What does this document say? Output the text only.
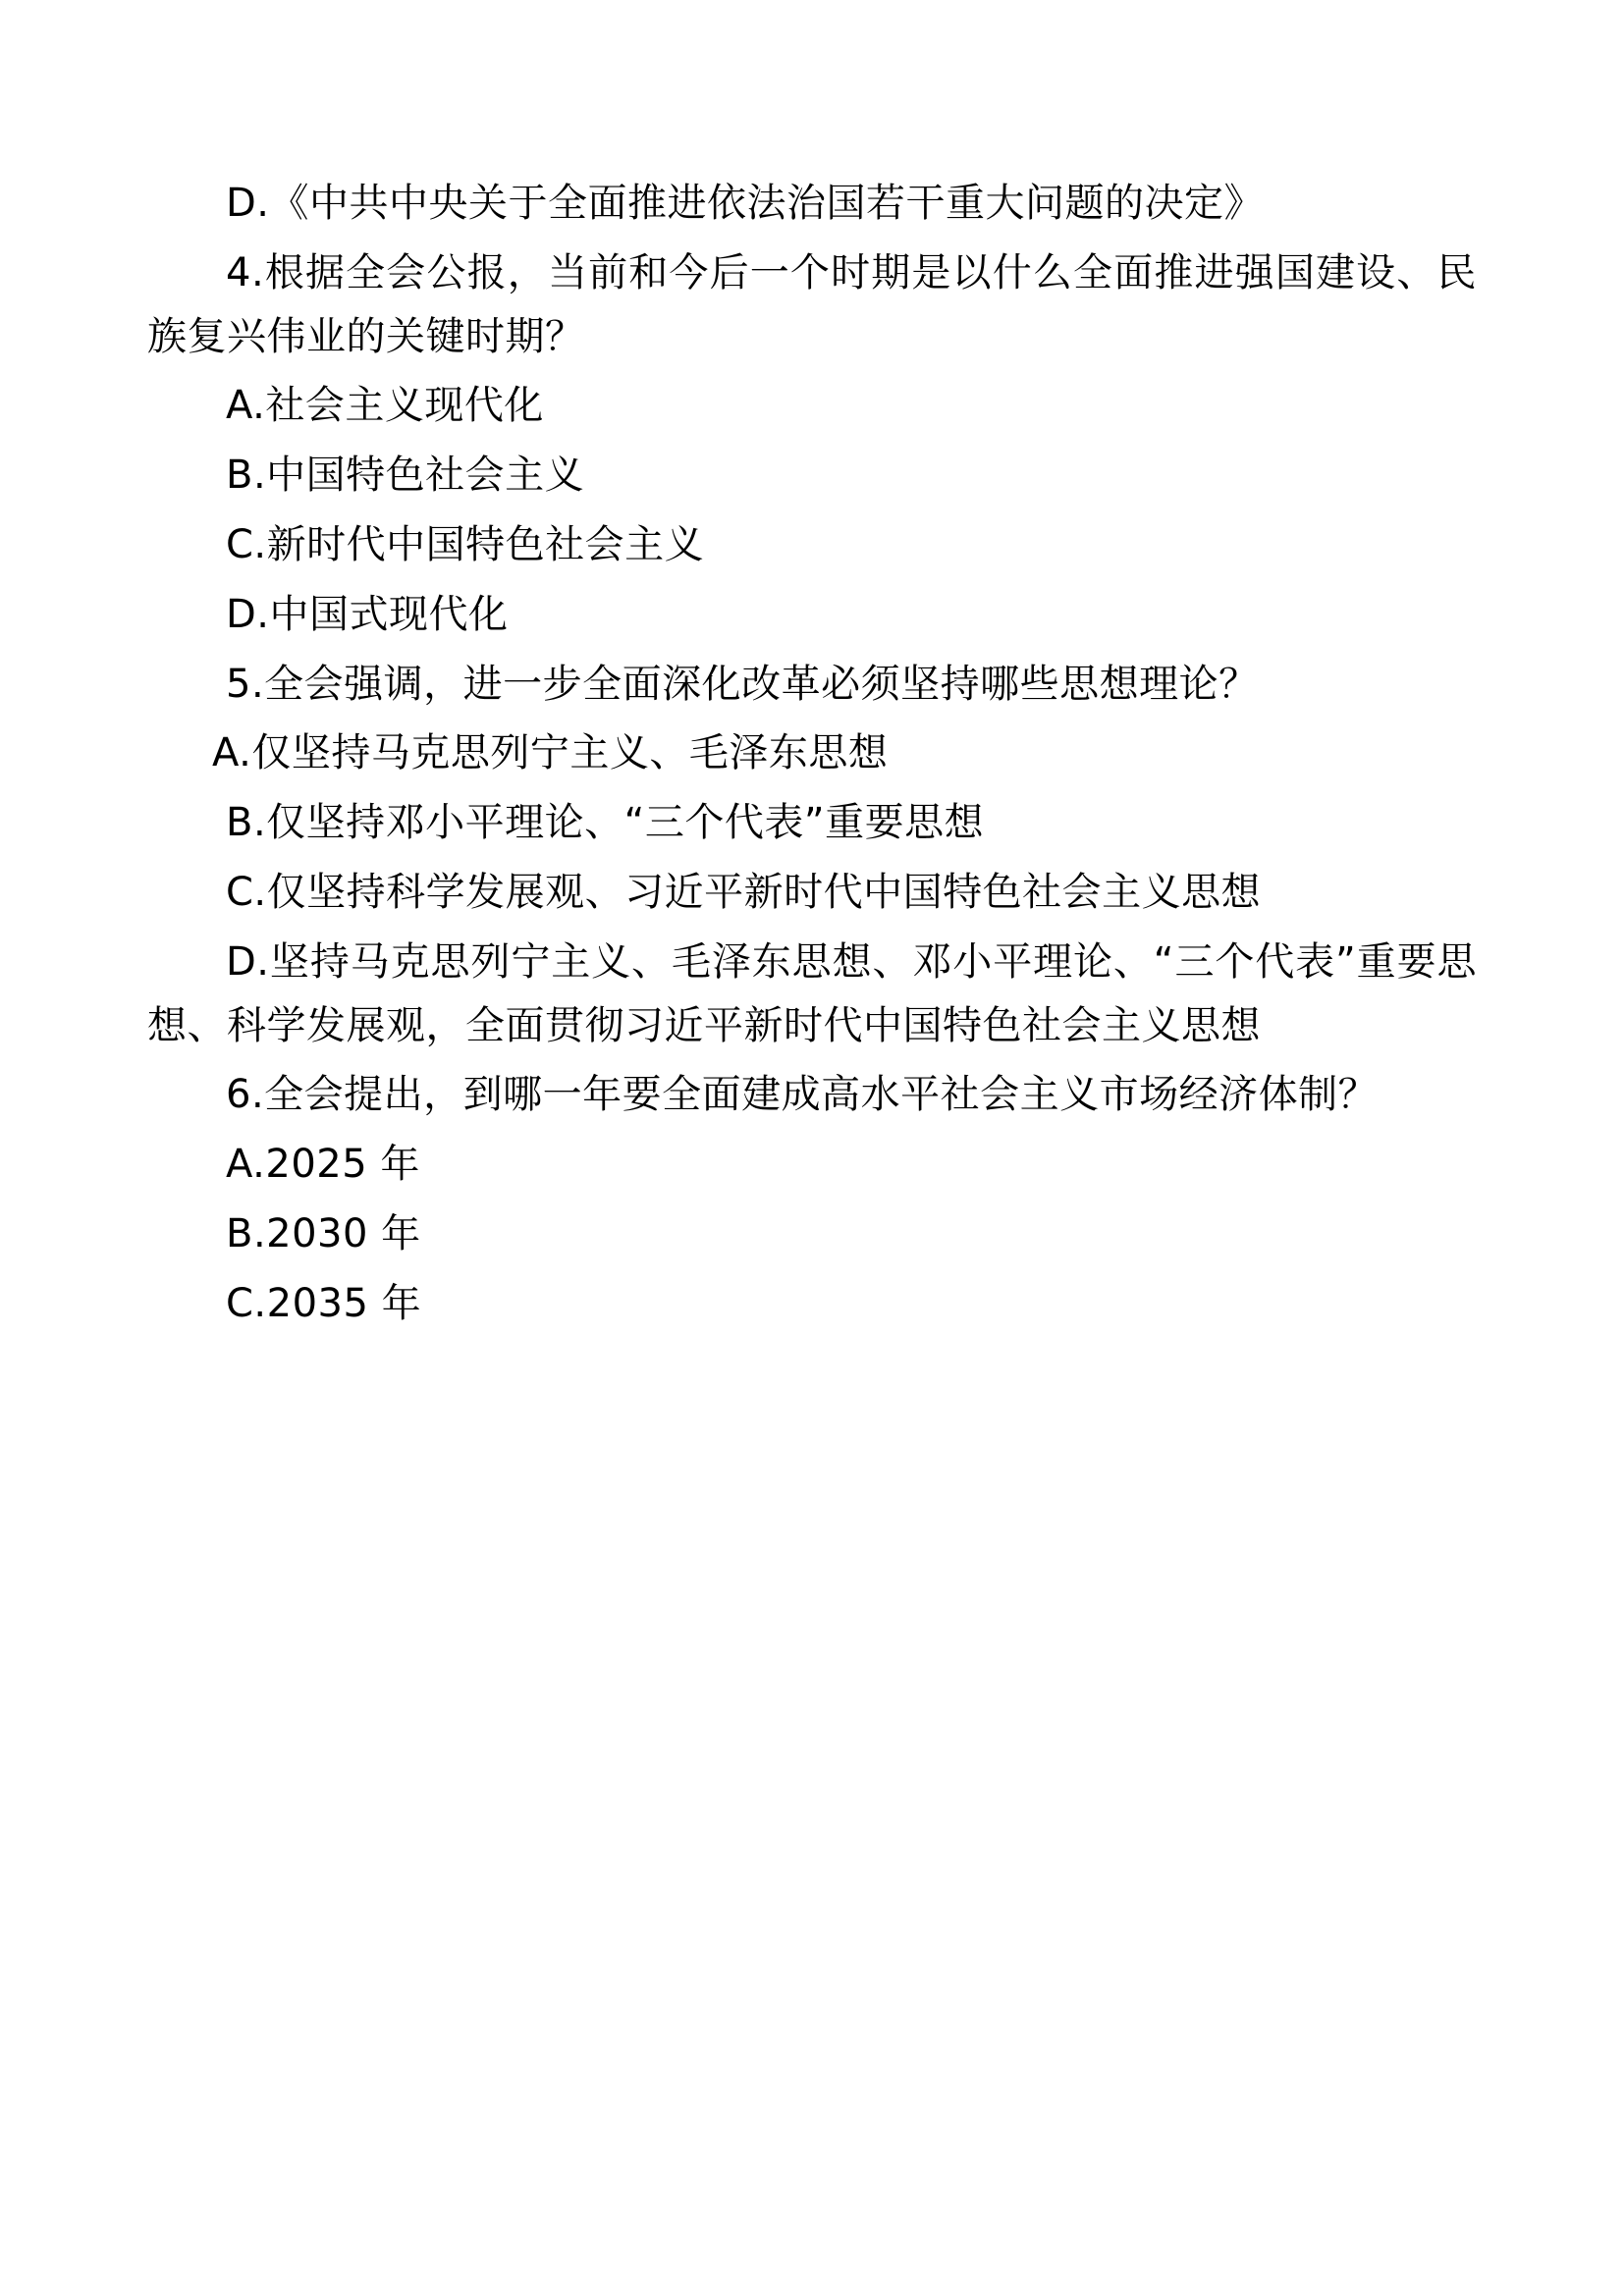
D.《中共中央关于全面推进依法治国若干重大问题的决定》

4.根据全会公报，当前和今后一个时期是以什么全面推进强国建设、民族复兴伟业的关键时期？

A.社会主义现代化

B.中国特色社会主义

C.新时代中国特色社会主义

D.中国式现代化

5.全会强调，进一步全面深化改革必须坚持哪些思想理论？

A.仅坚持马克思列宁主义、毛泽东思想

B.仅坚持邓小平理论、“三个代表”重要思想

C.仅坚持科学发展观、习近平新时代中国特色社会主义思想

D.坚持马克思列宁主义、毛泽东思想、邓小平理论、“三个代表”重要思想、科学发展观，全面贯彻习近平新时代中国特色社会主义思想

6.全会提出，到哪一年要全面建成高水平社会主义市场经济体制？

A.2025 年

B.2030 年

C.2035 年
